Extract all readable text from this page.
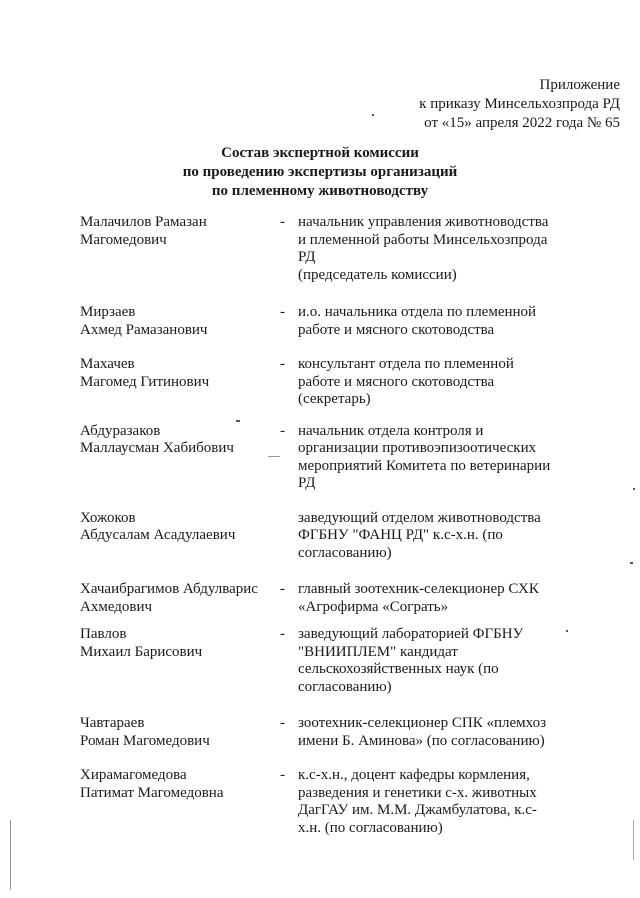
Приложение
к приказу Минсельхозпрода РД
от «15» апреля 2022 года № 65
Состав экспертной комиссии
по проведению экспертизы организаций
по племенному животноводству
Малачилов Рамазан
Магомедович
- начальник управления животноводства
и племенной работы Минсельхозпрода
РД
(председатель комиссии)
Мирзаев
Ахмед Рамазанович
- и.о. начальника отдела по племенной
работе и мясного скотоводства
Махачев
Магомед Гитинович
- консультант отдела по племенной
работе и мясного скотоводства
(секретарь)
Абдуразаков
Маллаусман Хабибович
- начальник отдела контроля и
организации противоэпизоотических
мероприятий Комитета по ветеринарии
РД
Хожоков
Абдусалам Асадулаевич
заведующий отделом животноводства
ФГБНУ "ФАНЦ РД" к.с-х.н. (по
согласованию)
Хачаибрагимов Абдулварис
Ахмедович
- главный зоотехник-селекционер СХК
«Агрофирма «Сограть»
Павлов
Михаил Барисович
- заведующий лабораторией ФГБНУ
"ВНИИПЛЕМ" кандидат
сельскохозяйственных наук (по
согласованию)
Чавтараев
Роман Магомедович
- зоотехник-селекционер СПК «племхоз
имени Б. Аминова» (по согласованию)
Хирамагомедова
Патимат Магомедовна
- к.с-х.н., доцент кафедры кормления,
разведения и генетики с-х. животных
ДагГАУ им. М.М. Джамбулатова, к.с-
х.н. (по согласованию)
